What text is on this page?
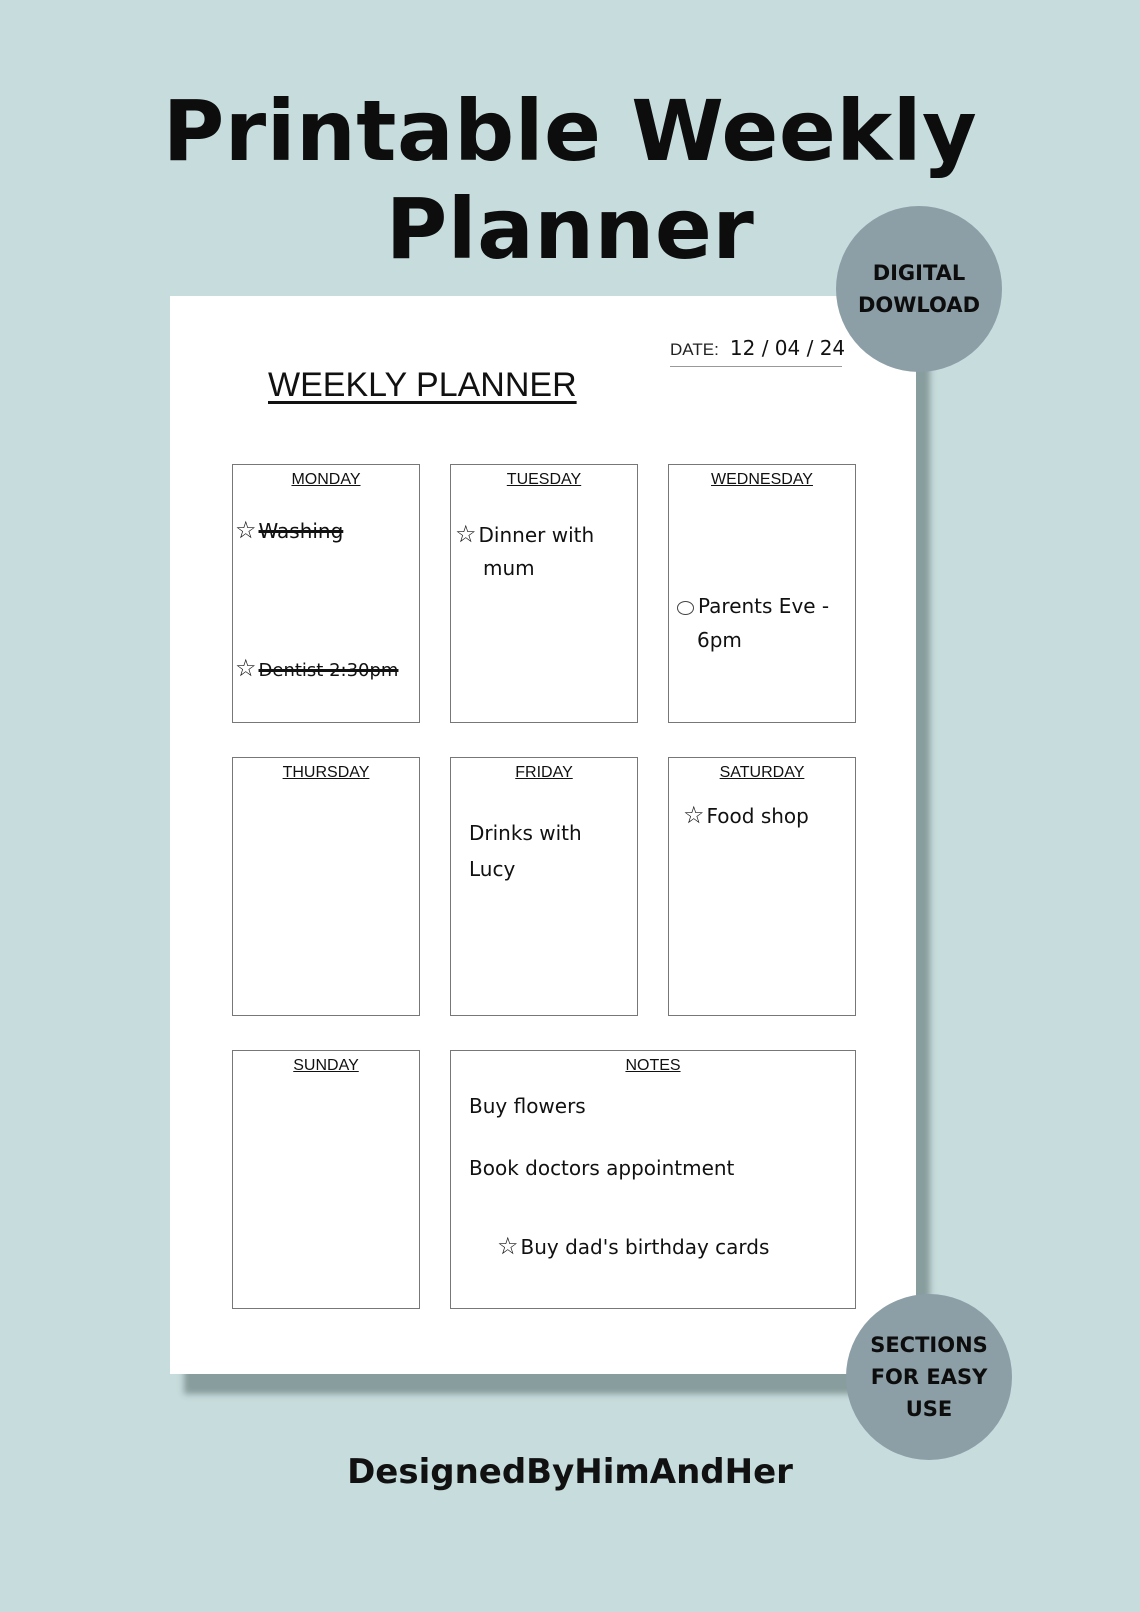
Printable Weekly Planner
WEEKLY PLANNER
DATE: 12 / 04 / 24
MONDAY
☆ Washing
☆ Dentist 2:30pm
TUESDAY
☆ Dinner with
mum
WEDNESDAY
Parents Eve -
6pm
THURSDAY	FRIDAY
Drinks with
Lucy
SATURDAY
☆ Food shop
SUNDAY	NOTES
Buy flowers
Book doctors appointment
☆ Buy dad's birthday cards
DIGITAL
DOWLOAD
SECTIONS
FOR EASY
USE
DesignedByHimAndHer
